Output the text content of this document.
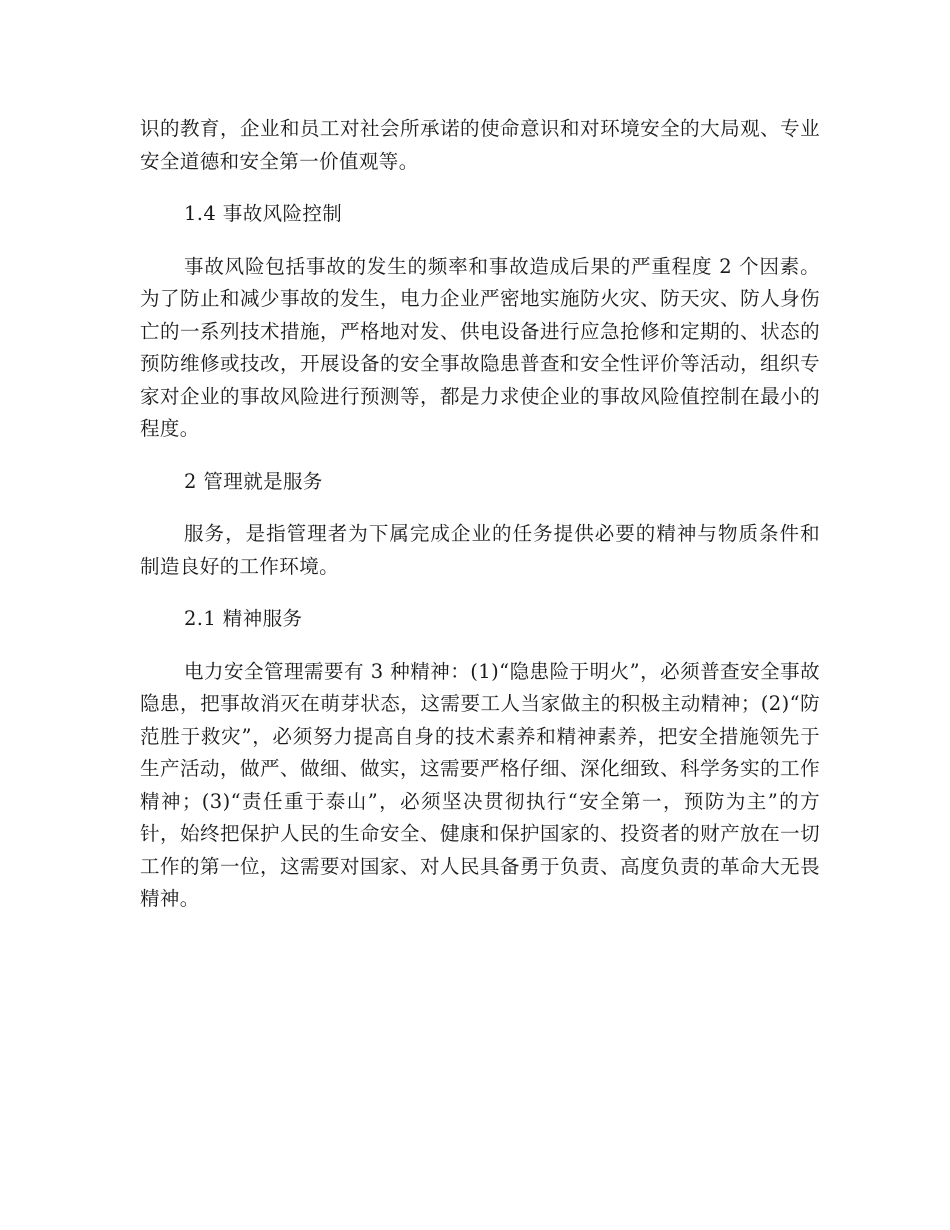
识的教育，企业和员工对社会所承诺的使命意识和对环境安全的大局观、专业安全道德和安全第一价值观等。

1.4 事故风险控制

事故风险包括事故的发生的频率和事故造成后果的严重程度 2 个因素。为了防止和减少事故的发生，电力企业严密地实施防火灾、防天灾、防人身伤亡的一系列技术措施，严格地对发、供电设备进行应急抢修和定期的、状态的预防维修或技改，开展设备的安全事故隐患普查和安全性评价等活动，组织专家对企业的事故风险进行预测等，都是力求使企业的事故风险值控制在最小的程度。

2 管理就是服务

服务，是指管理者为下属完成企业的任务提供必要的精神与物质条件和制造良好的工作环境。

2.1 精神服务

电力安全管理需要有 3 种精神：(1)“隐患险于明火”，必须普查安全事故隐患，把事故消灭在萌芽状态，这需要工人当家做主的积极主动精神；(2)“防范胜于救灾”，必须努力提高自身的技术素养和精神素养，把安全措施领先于生产活动，做严、做细、做实，这需要严格仔细、深化细致、科学务实的工作精神；(3)“责任重于泰山”，必须坚决贯彻执行“安全第一，预防为主”的方针，始终把保护人民的生命安全、健康和保护国家的、投资者的财产放在一切工作的第一位，这需要对国家、对人民具备勇于负责、高度负责的革命大无畏精神。
